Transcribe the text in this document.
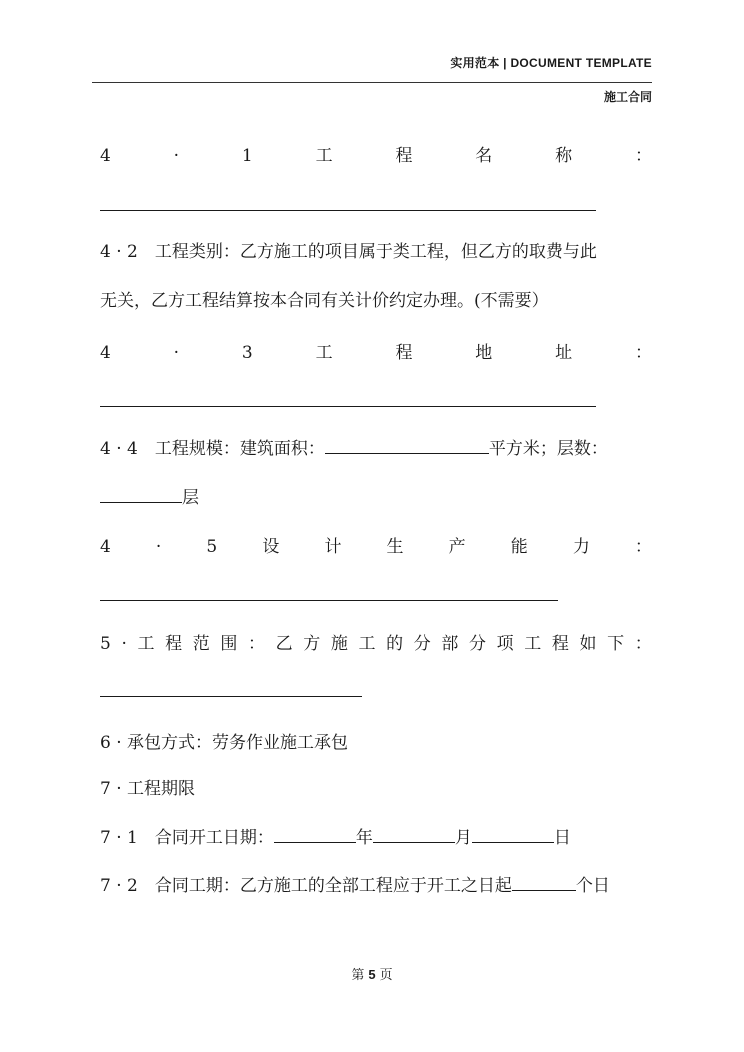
实用范本 | DOCUMENT TEMPLATE
施工合同
4	·	1	工	程	名	称	：
4 · 2　工程类别：乙方施工的项目属于类工程，但乙方的取费与此
无关，乙方工程结算按本合同有关计价约定办理。(不需要）
4	·	3	工	程	地	址	：
4 · 4　工程规模：建筑面积：	平方米；层数：
层
4	·	5	设	计	生	产	能	力	：
5 · 工 程 范 围 ： 乙 方 施 工 的 分 部 分 项 工 程 如 下 ：
6 · 承包方式：劳务作业施工承包
7 · 工程期限
7 · 1　合同开工日期：	年	月	日
7 · 2　合同工期：乙方施工的全部工程应于开工之日起	个日
第 5 页
